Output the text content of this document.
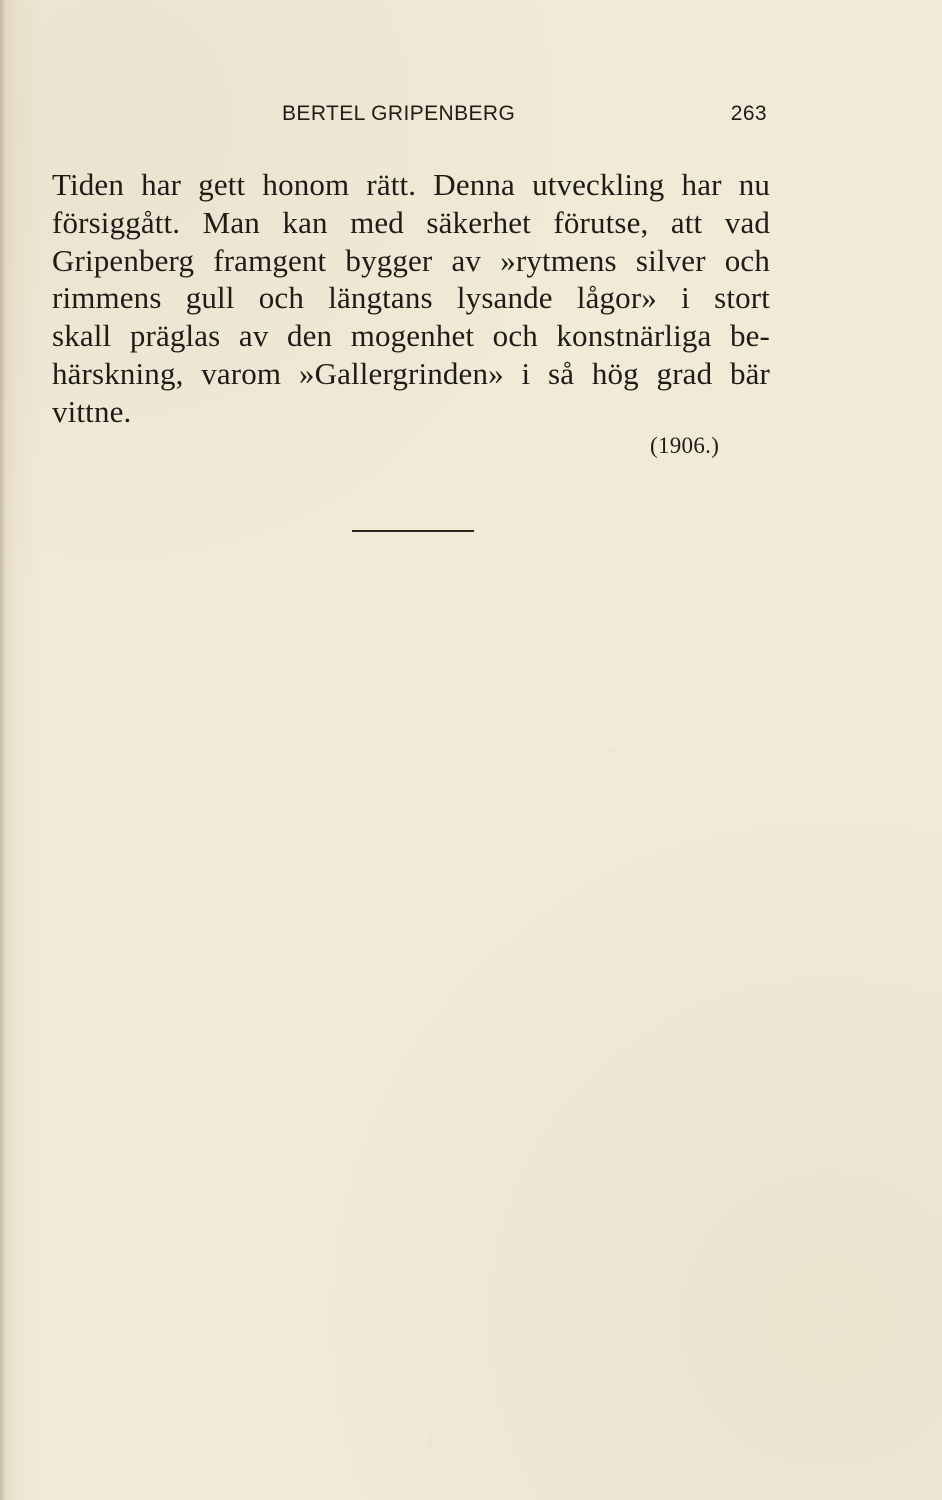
BERTEL GRIPENBERG	263
Tiden har gett honom rätt. Denna utveckling har nu
försiggått. Man kan med säkerhet förutse, att vad
Gripenberg framgent bygger av »rytmens silver och
rimmens gull och längtans lysande lågor» i stort
skall präglas av den mogenhet och konstnärliga be-
härskning, varom »Gallergrinden» i så hög grad bär
vittne.
(1906.)
